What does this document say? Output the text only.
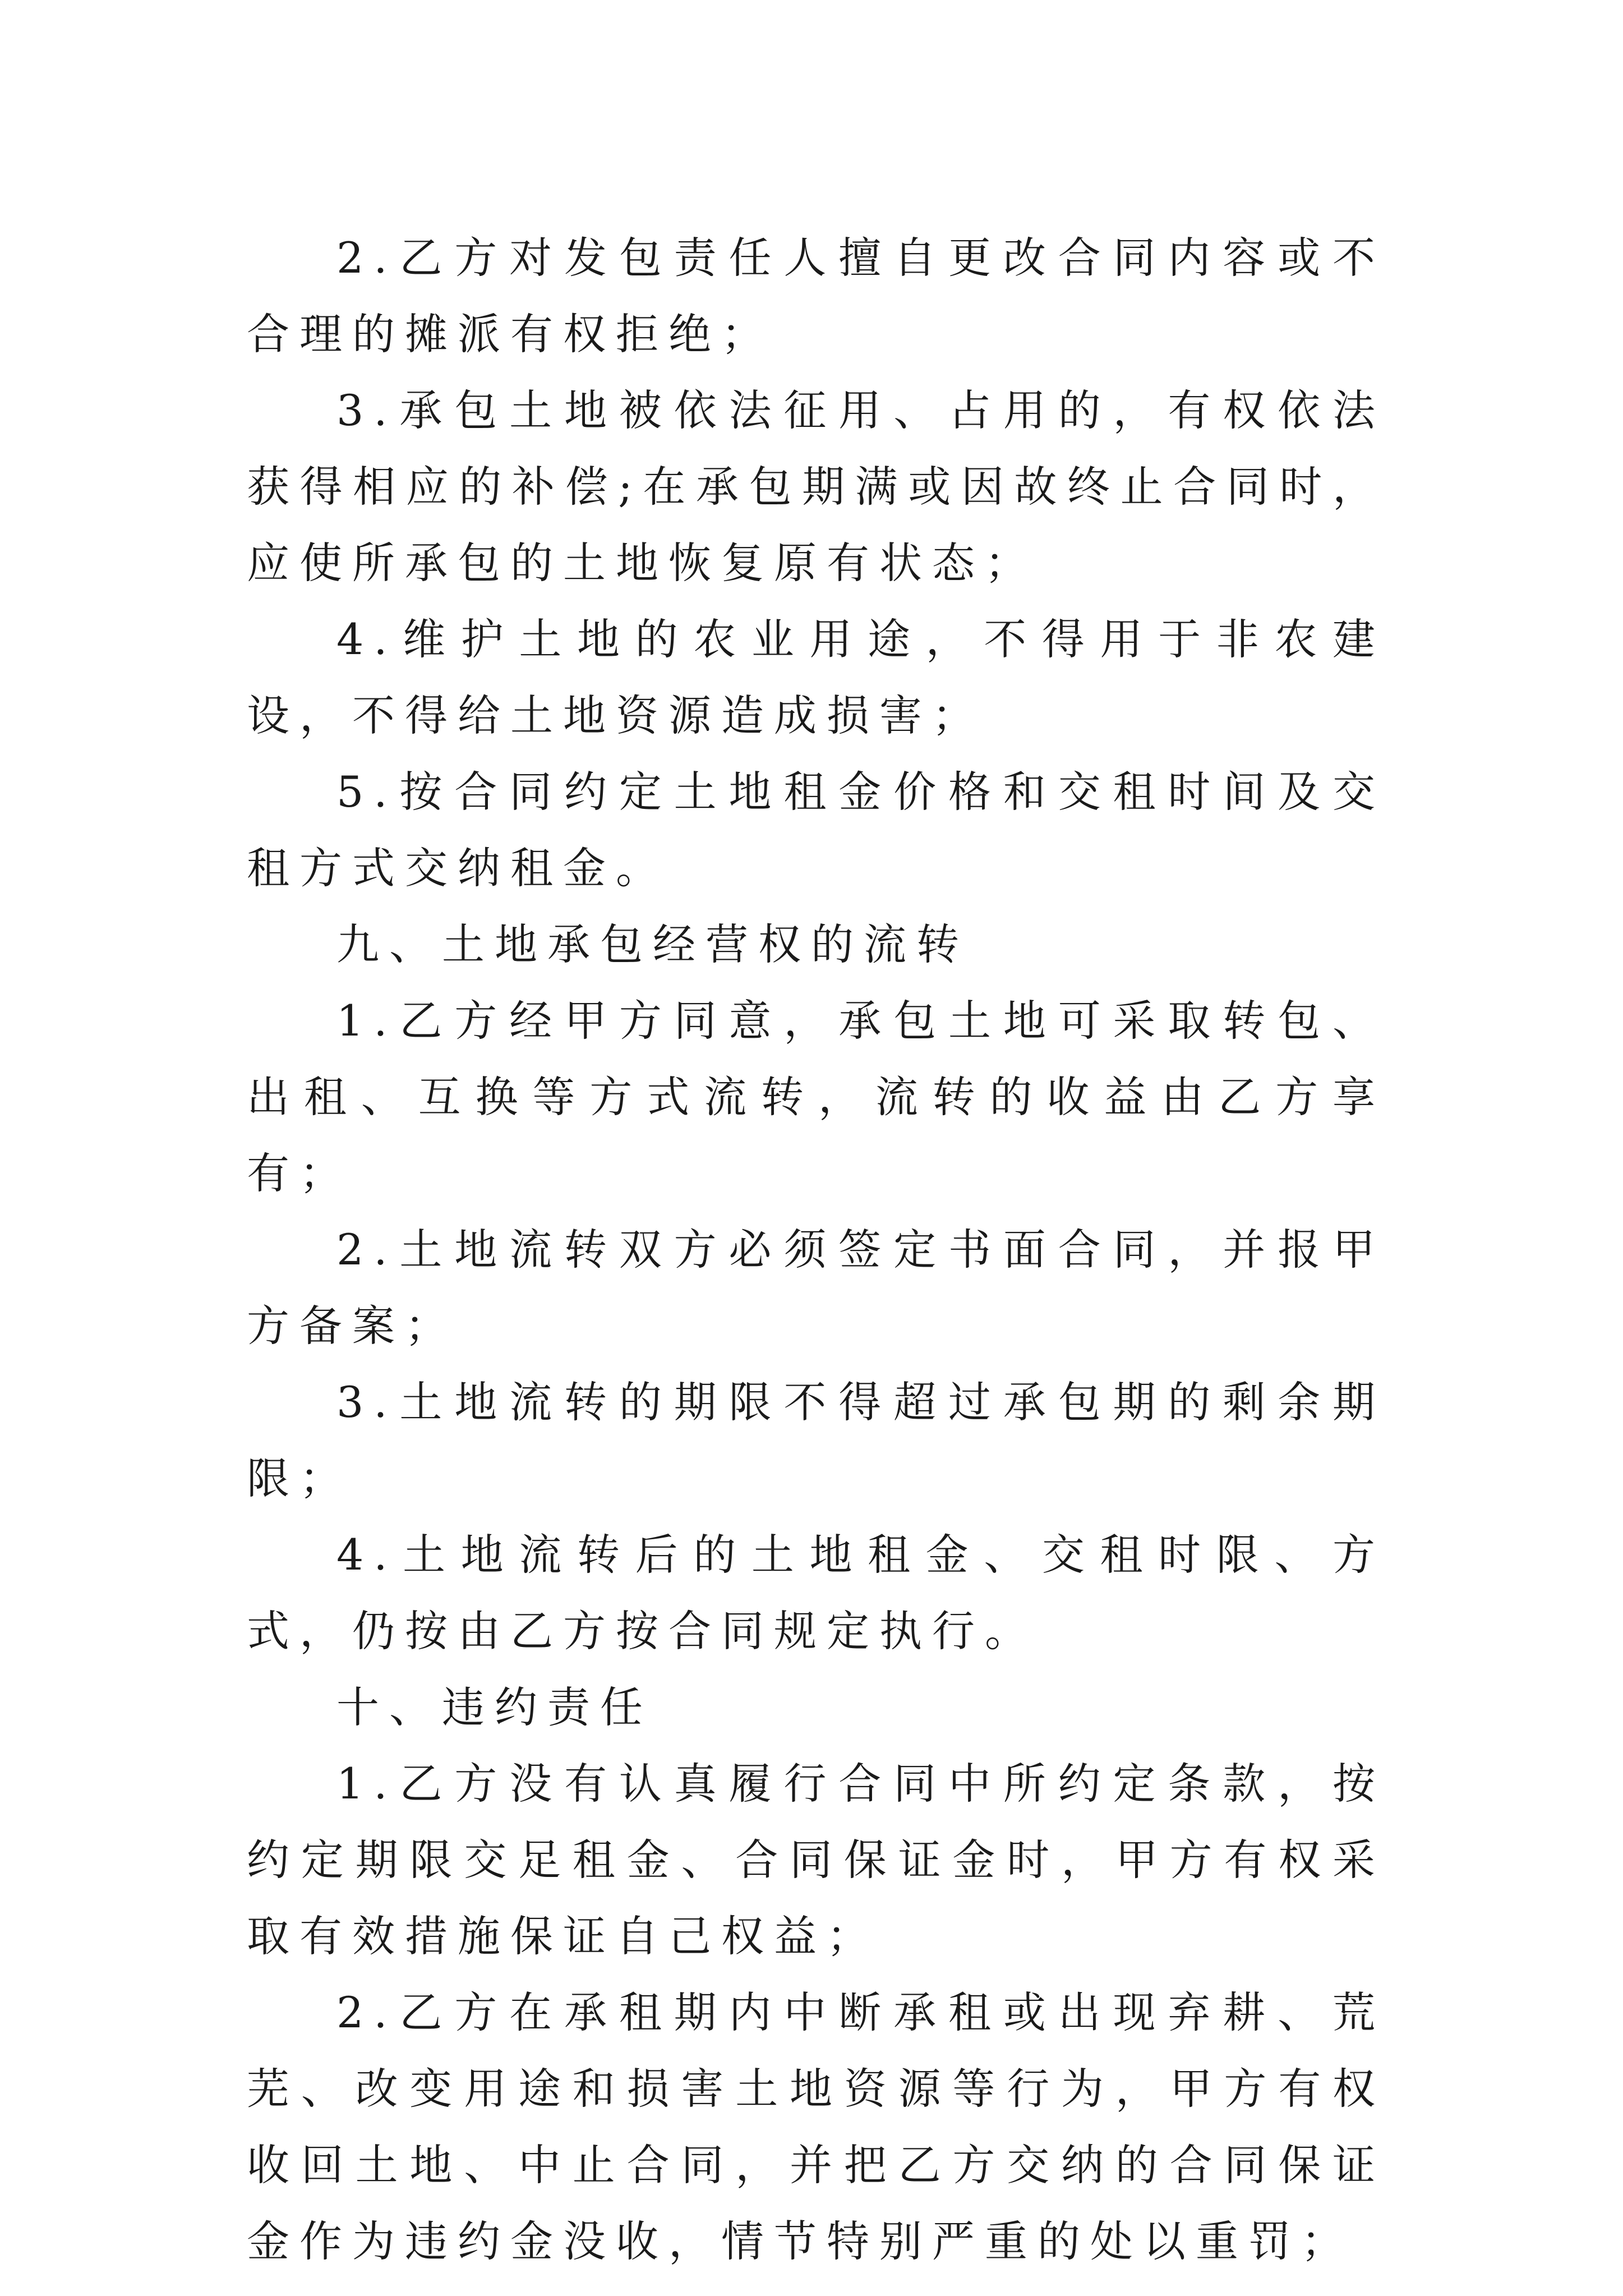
2.乙方对发包责任人擅自更改合同内容或不合理的摊派有权拒绝；

3.承包土地被依法征用、占用的，有权依法获得相应的补偿;在承包期满或因故终止合同时，应使所承包的土地恢复原有状态；

4.维护土地的农业用途，不得用于非农建设，不得给土地资源造成损害；

5.按合同约定土地租金价格和交租时间及交租方式交纳租金。

九、土地承包经营权的流转

1.乙方经甲方同意，承包土地可采取转包、出租、互换等方式流转，流转的收益由乙方享有；

2.土地流转双方必须签定书面合同，并报甲方备案；

3.土地流转的期限不得超过承包期的剩余期限；

4.土地流转后的土地租金、交租时限、方式，仍按由乙方按合同规定执行。

十、违约责任

1.乙方没有认真履行合同中所约定条款，按约定期限交足租金、合同保证金时，甲方有权采取有效措施保证自己权益；

2.乙方在承租期内中断承租或出现弃耕、荒芜、改变用途和损害土地资源等行为，甲方有权收回土地、中止合同，并把乙方交纳的合同保证金作为违约金没收，情节特别严重的处以重罚；
